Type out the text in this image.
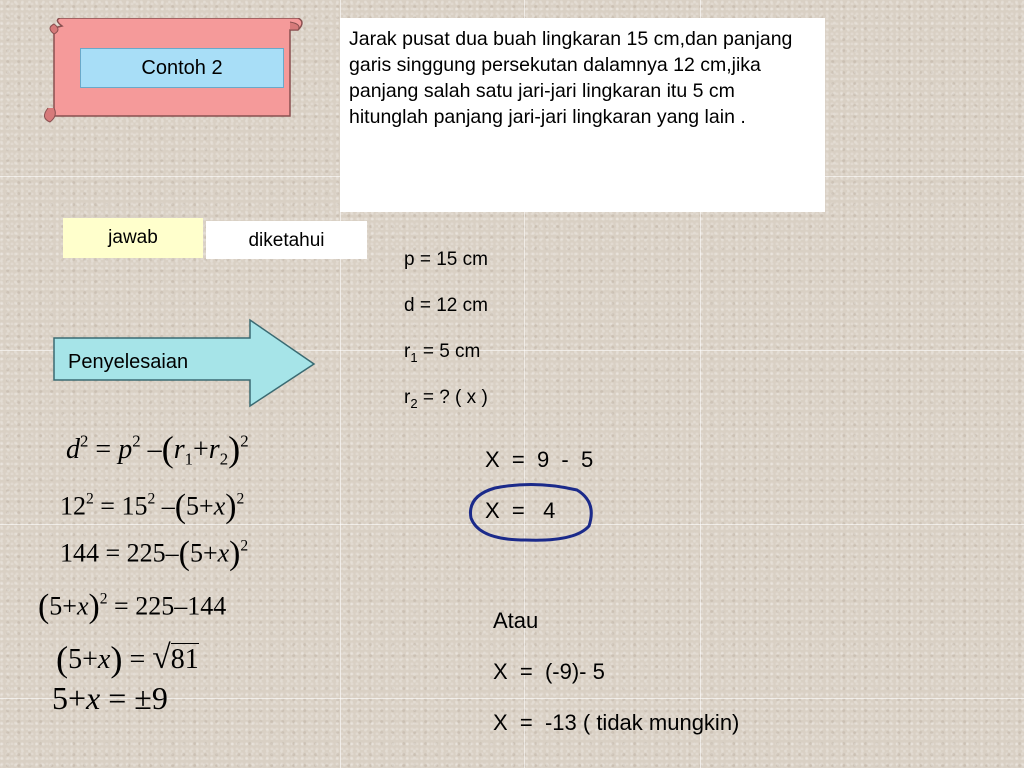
Contoh 2
Jarak pusat dua buah lingkaran 15 cm,dan panjang garis singgung persekutan dalamnya 12 cm,jika panjang salah satu jari-jari lingkaran itu 5 cm hitunglah panjang jari-jari lingkaran yang lain .
jawab	diketahui
Penyelesaian
p = 15 cm
d = 12 cm
$r_1 = 5$ cm
$r_2$ = ? ( x )
$d^2 = p^2$ $-(r_1+r_2)^2$
$12^2 = 15^2$ $-(5+x)^2$
$144 = 225-(5+x)^2$
$(5+x)^2 = 225-144$
(5+x) = √81
5+x = ±9
X  =  9  -  5
X  =   4
Atau
X  =  (-9)- 5
X  =  -13 ( tidak mungkin)
